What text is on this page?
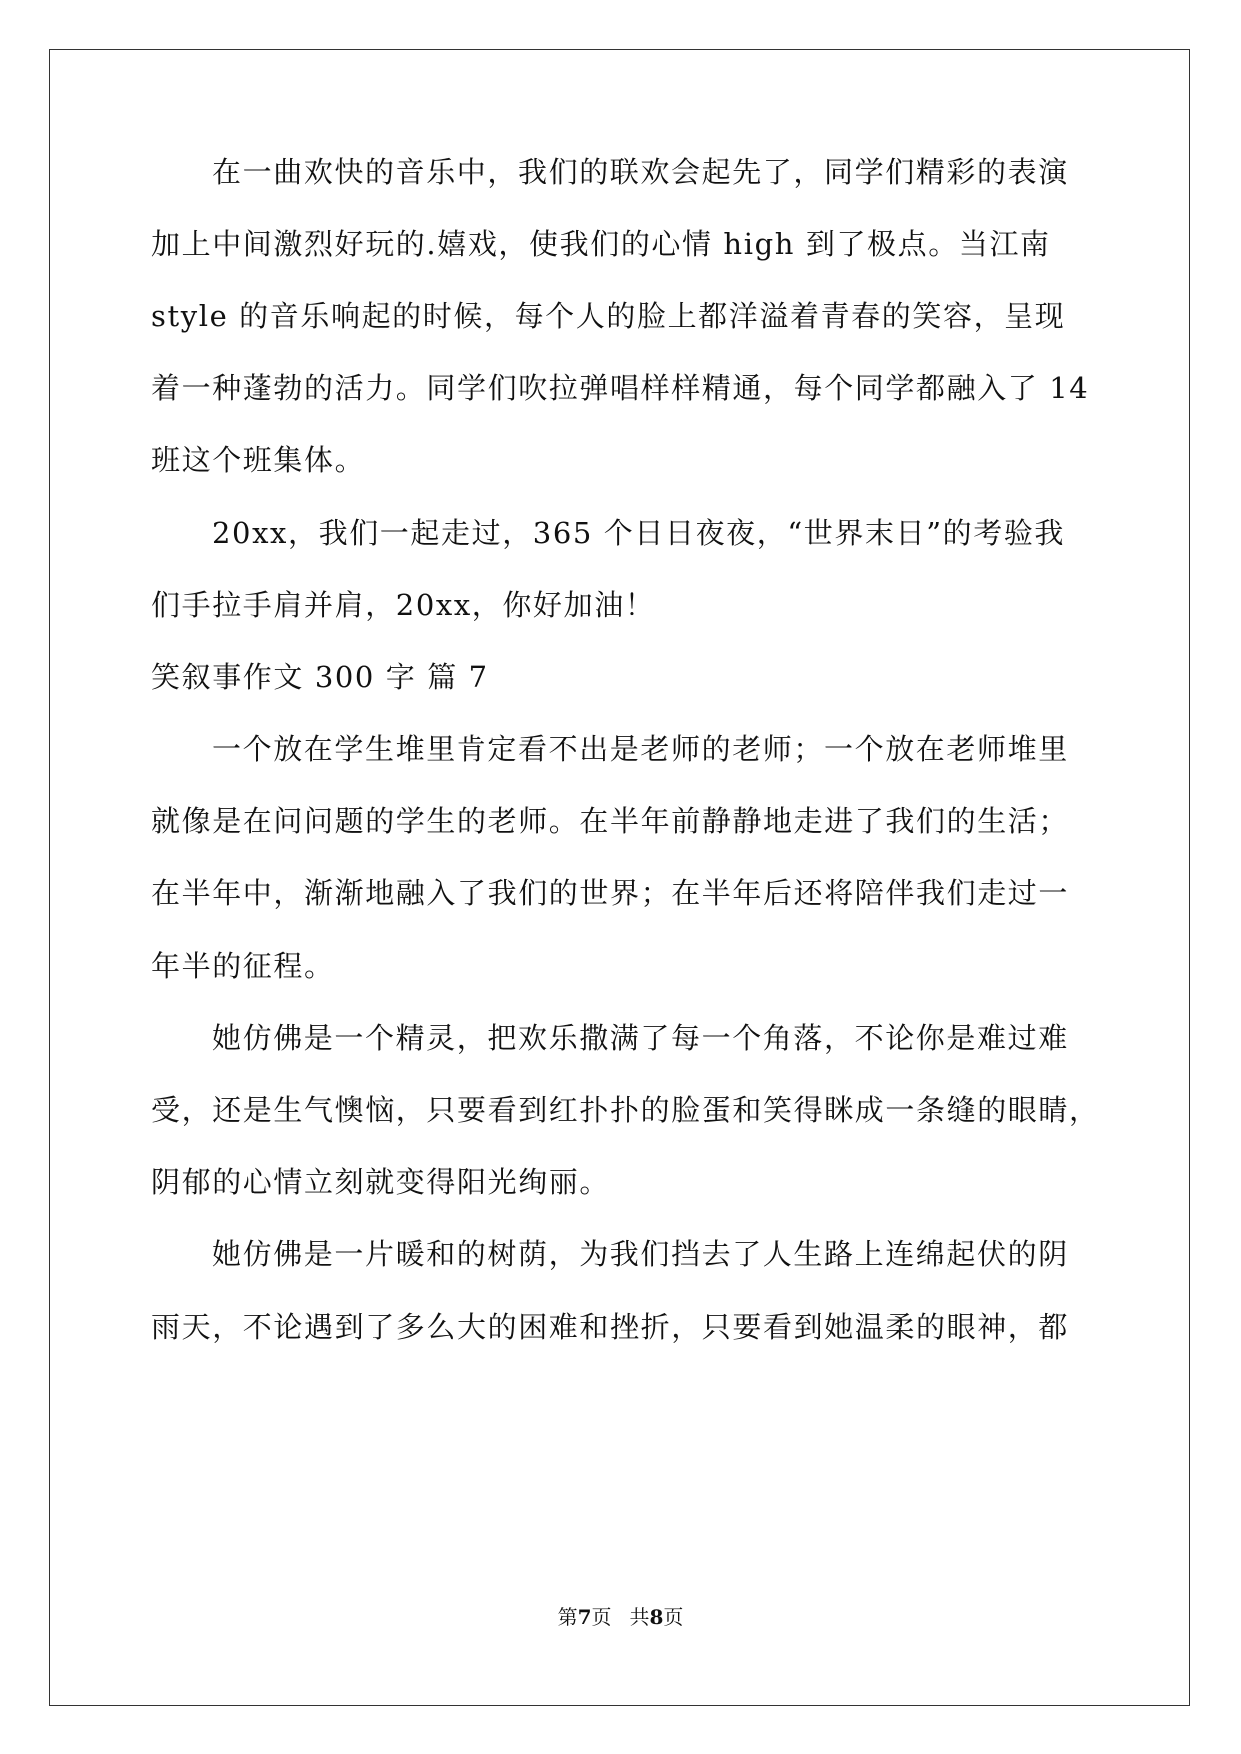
在一曲欢快的音乐中，我们的联欢会起先了，同学们精彩的表演
加上中间激烈好玩的.嬉戏，使我们的心情 high 到了极点。当江南
style 的音乐响起的时候，每个人的脸上都洋溢着青春的笑容，呈现
着一种蓬勃的活力。同学们吹拉弹唱样样精通，每个同学都融入了 14
班这个班集体。
20xx，我们一起走过，365 个日日夜夜，“世界末日”的考验我
们手拉手肩并肩，20xx，你好加油！
笑叙事作文 300 字 篇 7
一个放在学生堆里肯定看不出是老师的老师；一个放在老师堆里
就像是在问问题的学生的老师。在半年前静静地走进了我们的生活；
在半年中，渐渐地融入了我们的世界；在半年后还将陪伴我们走过一
年半的征程。
她仿佛是一个精灵，把欢乐撒满了每一个角落，不论你是难过难
受，还是生气懊恼，只要看到红扑扑的脸蛋和笑得眯成一条缝的眼睛，
阴郁的心情立刻就变得阳光绚丽。
她仿佛是一片暖和的树荫，为我们挡去了人生路上连绵起伏的阴
雨天，不论遇到了多么大的困难和挫折，只要看到她温柔的眼神，都
第7页 共8页
